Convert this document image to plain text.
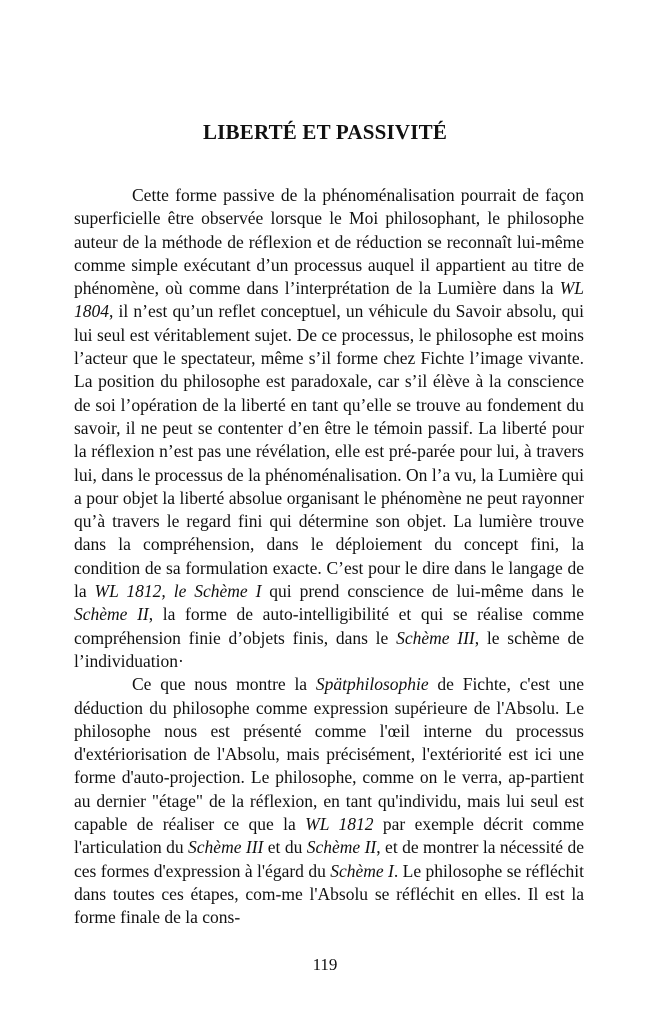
LIBERTÉ ET PASSIVITÉ

Cette forme passive de la phénoménalisation pourrait de façon superficielle être observée lorsque le Moi philosophant, le philosophe auteur de la méthode de réflexion et de réduction se reconnaît lui-même comme simple exécutant d’un processus auquel il appartient au titre de phénomène, où comme dans l’interprétation de la Lumière dans la WL 1804, il n’est qu’un reflet conceptuel, un véhicule du Savoir absolu, qui lui seul est véritablement sujet. De ce processus, le philosophe est moins l’acteur que le spectateur, même s’il forme chez Fichte l’image vivante. La position du philosophe est paradoxale, car s’il élève à la conscience de soi l’opération de la liberté en tant qu’elle se trouve au fondement du savoir, il ne peut se contenter d’en être le témoin passif. La liberté pour la réflexion n’est pas une révélation, elle est pré-parée pour lui, à travers lui, dans le processus de la phénoménalisation. On l’a vu, la Lumière qui a pour objet la liberté absolue organisant le phénomène ne peut rayonner qu’à travers le regard fini qui détermine son objet. La lumière trouve dans la compréhension, dans le déploiement du concept fini, la condition de sa formulation exacte. C’est pour le dire dans le langage de la WL 1812, le Schème I qui prend conscience de lui-même dans le Schème II, la forme de auto-intelligibilité et qui se réalise comme compréhension finie d’objets finis, dans le Schème III, le schème de l’individuation·

Ce que nous montre la Spätphilosophie de Fichte, c'est une déduction du philosophe comme expression supérieure de l'Absolu. Le philosophe nous est présenté comme l'œil interne du processus d'extériorisation de l'Absolu, mais précisément, l'extériorité est ici une forme d'auto-projection. Le philosophe, comme on le verra, ap-partient au dernier "étage" de la réflexion, en tant qu'individu, mais lui seul est capable de réaliser ce que la WL 1812 par exemple décrit comme l'articulation du Schème III et du Schème II, et de montrer la nécessité de ces formes d'expression à l'égard du Schème I. Le philosophe se réfléchit dans toutes ces étapes, com-me l'Absolu se réfléchit en elles. Il est la forme finale de la cons-

119
